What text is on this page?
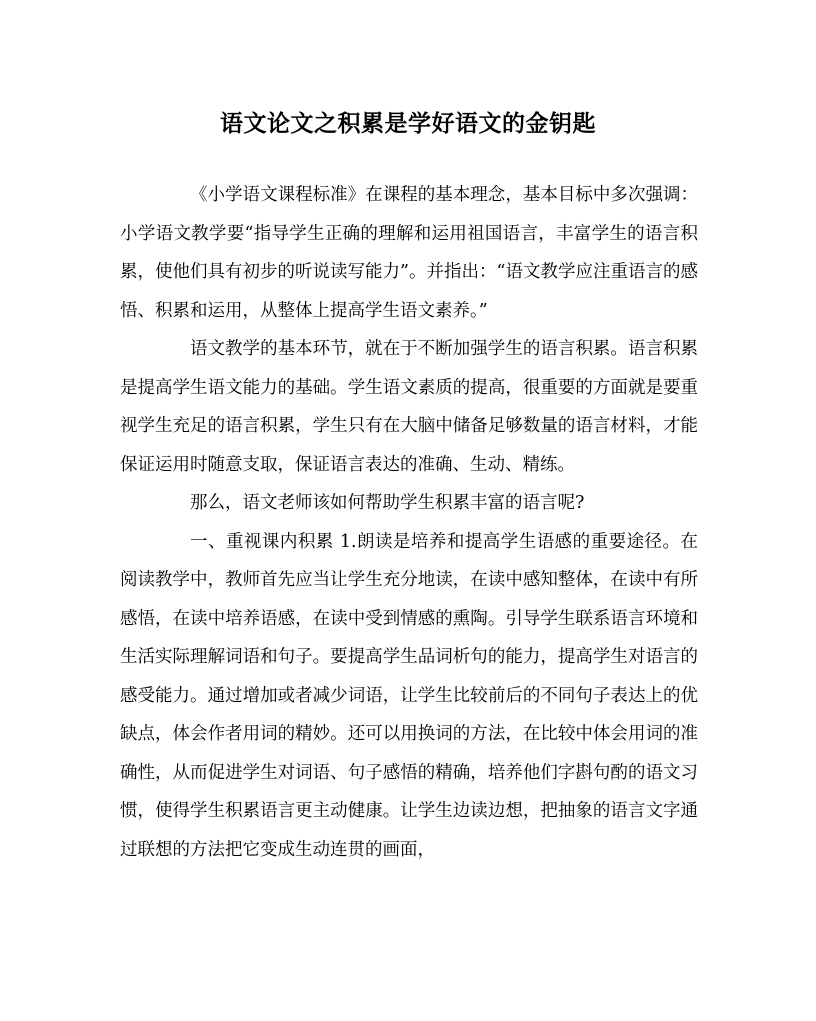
语文论文之积累是学好语文的金钥匙

《小学语文课程标准》在课程的基本理念，基本目标中多次强调：小学语文教学要“指导学生正确的理解和运用祖国语言，丰富学生的语言积累，使他们具有初步的听说读写能力”。并指出：“语文教学应注重语言的感悟、积累和运用，从整体上提高学生语文素养。”

语文教学的基本环节，就在于不断加强学生的语言积累。语言积累是提高学生语文能力的基础。学生语文素质的提高，很重要的方面就是要重视学生充足的语言积累，学生只有在大脑中储备足够数量的语言材料，才能保证运用时随意支取，保证语言表达的准确、生动、精练。

那么，语文老师该如何帮助学生积累丰富的语言呢?

一、重视课内积累 1.朗读是培养和提高学生语感的重要途径。在阅读教学中，教师首先应当让学生充分地读，在读中感知整体，在读中有所感悟，在读中培养语感，在读中受到情感的熏陶。引导学生联系语言环境和生活实际理解词语和句子。要提高学生品词析句的能力，提高学生对语言的感受能力。通过增加或者减少词语，让学生比较前后的不同句子表达上的优缺点，体会作者用词的精妙。还可以用换词的方法，在比较中体会用词的准确性，从而促进学生对词语、句子感悟的精确，培养他们字斟句酌的语文习惯，使得学生积累语言更主动健康。让学生边读边想，把抽象的语言文字通过联想的方法把它变成生动连贯的画面，
